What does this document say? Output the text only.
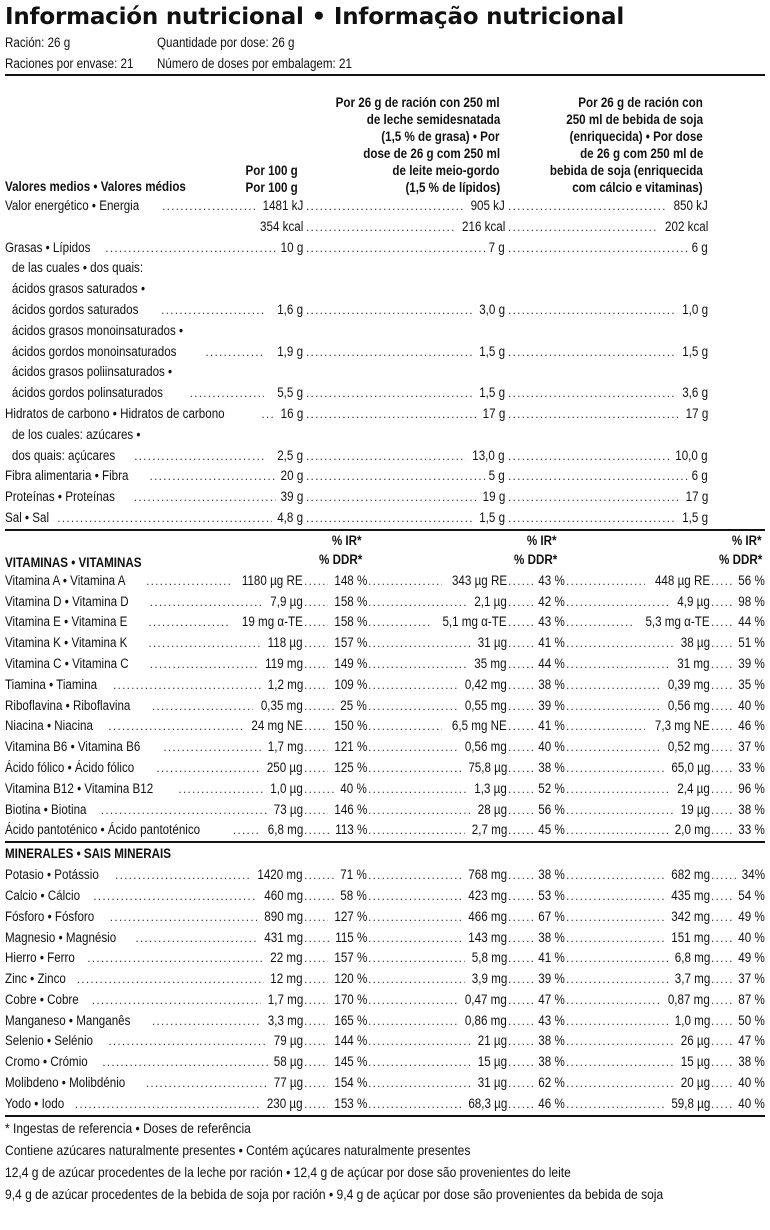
Información nutricional • Informação nutricional
Ración: 26 g	Quantidade por dose: 26 g
Raciones por envase: 21 Número de doses por embalagem: 21
Valores medios • Valores médios
Por 100 g
Por 100 g

Por 26 g de ración con 250 ml
de leche semidesnatada
(1,5 % de grasa) • Por
dose de 26 g com 250 ml
de leite meio-gordo
(1,5 % de lípidos)

Por 26 g de ración con
250 ml de bebida de soja
(enriquecida) • Por dose
de 26 g com 250 ml de
bebida de soja (enriquecida
com cálcio e vitaminas)

Valor energético • Energia .....	1481 kJ .....	905 kJ .....	850 kJ
354 kcal .....	216 kcal .....	202 kcal
Grasas • Lípidos .....	10 g .....	7 g .....	6 g
de las cuales • dos quais:
ácidos grasos saturados •
ácidos gordos saturados .....	1,6 g .....	3,0 g .....	1,0 g
ácidos grasos monoinsaturados •
ácidos gordos monoinsaturados .....	1,9 g .....	1,5 g .....	1,5 g
ácidos grasos poliinsaturados •
ácidos gordos polinsaturados .....	5,5 g .....	1,5 g .....	3,6 g
Hidratos de carbono • Hidratos de carbono .....	16 g .....	17 g .....	17 g
de los cuales: azúcares •
dos quais: açúcares .....	2,5 g .....	13,0 g .....	10,0 g
Fibra alimentaria • Fibra .....	20 g .....	5 g .....	6 g
Proteínas • Proteínas .....	39 g .....	19 g .....	17 g
Sal • Sal .....	4,8 g .....	1,5 g .....	1,5 g
VITAMINAS • VITAMINAS
% IR*
% DDR*
% IR*
% DDR*
% IR*
% DDR*
Vitamina A • Vitamina A .....	1180 µg RE ..... 148 % .....	343 µg RE ..... 43 % .....	448 µg RE ..... 56 %
Vitamina D • Vitamina D .....	7,9 µg ..... 158 % .....	2,1 µg ..... 42 % .....	4,9 µg ..... 98 %
Vitamina E • Vitamina E .....	19 mg α-TE ..... 158 % .....	5,1 mg α-TE ..... 43 % .....	5,3 mg α-TE ..... 44 %
Vitamina K • Vitamina K .....	118 µg ..... 157 % .....	31 µg ..... 41 % .....	38 µg ..... 51 %
Vitamina C • Vitamina C .....	119 mg ..... 149 % .....	35 mg ..... 44 % .....	31 mg ..... 39 %
Tiamina • Tiamina .....	1,2 mg ..... 109 % .....	0,42 mg ..... 38 % .....	0,39 mg ..... 35 %
Riboflavina • Riboflavina .....	0,35 mg .....	25 % .....	0,55 mg ..... 39 % .....	0,56 mg ..... 40 %
Niacina • Niacina .....	24 mg NE ..... 150 % .....	6,5 mg NE ..... 41 % .....	7,3 mg NE ..... 46 %
Vitamina B6 • Vitamina B6 .....	1,7 mg ..... 121 % .....	0,56 mg ..... 40 % .....	0,52 mg ..... 37 %
Ácido fólico • Ácido fólico .....	250 µg ..... 125 % .....	75,8 µg ..... 38 % .....	65,0 µg ..... 33 %
Vitamina B12 • Vitamina B12 .....	1,0 µg .....	40 % .....	1,3 µg ..... 52 % .....	2,4 µg ..... 96 %
Biotina • Biotina .....	73 µg ..... 146 % .....	28 µg ..... 56 % .....	19 µg ..... 38 %
Ácido pantoténico • Ácido pantoténico .....	6,8 mg ..... 113 % .....	2,7 mg ..... 45 % .....	2,0 mg ..... 33 %
MINERALES • SAIS MINERAIS
Potasio • Potássio .....	1420 mg .....	71 % .....	768 mg ..... 38 % .....	682 mg ..... 34%
Calcio • Cálcio .....	460 mg .....	58 % .....	423 mg ..... 53 % .....	435 mg ..... 54 %
Fósforo • Fósforo .....	890 mg ..... 127 % .....	466 mg ..... 67 % .....	342 mg ..... 49 %
Magnesio • Magnésio .....	431 mg ..... 115 % .....	143 mg ..... 38 % .....	151 mg ..... 40 %
Hierro • Ferro .....	22 mg ..... 157 % .....	5,8 mg ..... 41 % .....	6,8 mg ..... 49 %
Zinc • Zinco .....	12 mg ..... 120 % .....	3,9 mg ..... 39 % .....	3,7 mg ..... 37 %
Cobre • Cobre .....	1,7 mg ..... 170 % .....	0,47 mg ..... 47 % .....	0,87 mg ..... 87 %
Manganeso • Manganês .....	3,3 mg ..... 165 % .....	0,86 mg ..... 43 % .....	1,0 mg ..... 50 %
Selenio • Selénio .....	79 µg ..... 144 % .....	21 µg ..... 38 % .....	26 µg ..... 47 %
Cromo • Crómio .....	58 µg ..... 145 % .....	15 µg ..... 38 % .....	15 µg ..... 38 %
Molibdeno • Molibdénio .....	77 µg ..... 154 % .....	31 µg ..... 62 % .....	20 µg ..... 40 %
Yodo • Iodo .....	230 µg ..... 153 % .....	68,3 µg ..... 46 % .....	59,8 µg ..... 40 %
* Ingestas de referencia • Doses de referência
Contiene azúcares naturalmente presentes • Contém açúcares naturalmente presentes
12,4 g de azúcar procedentes de la leche por ración • 12,4 g de açúcar por dose são provenientes do leite
9,4 g de azúcar procedentes de la bebida de soja por ración • 9,4 g de açúcar por dose são provenientes da bebida de soja
